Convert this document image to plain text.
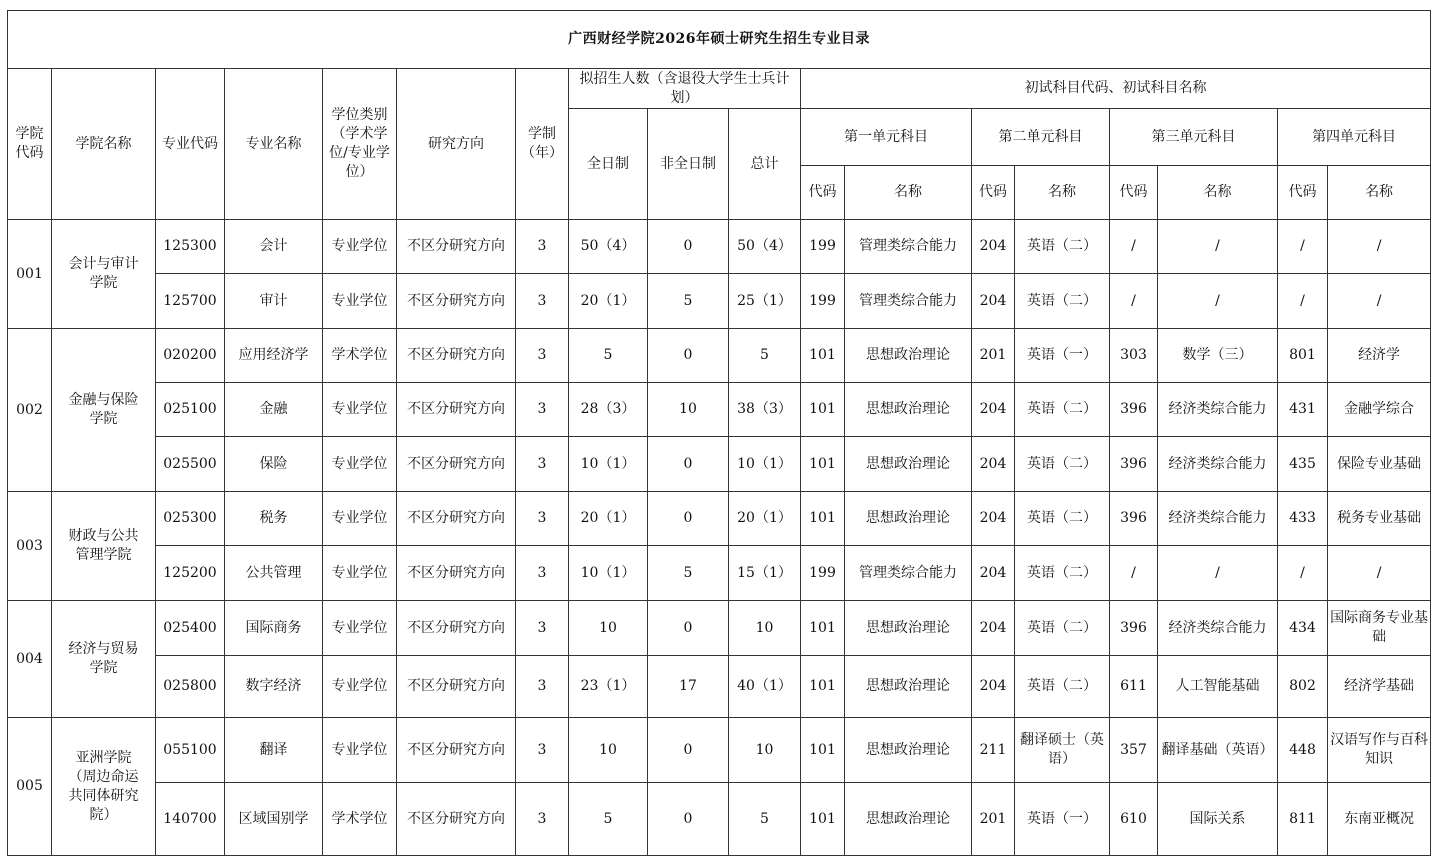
广西财经学院2026年硕士研究生招生专业目录																	
学院代码	学院名称	专业代码	专业名称	学位类别（学术学位/专业学位）	研究方向	学制（年）	拟招生人数（含退役大学生士兵计划）			初试科目代码、初试科目名称							
							全日制	非全日制	总计	第一单元科目		第二单元科目		第三单元科目		第四单元科目	
										代码	名称	代码	名称	代码	名称	代码	名称
001	会计与审计学院	125300	会计	专业学位	不区分研究方向	3	50（4）	0	50（4）	199	管理类综合能力	204	英语（二）	/	/	/	/
		125700	审计	专业学位	不区分研究方向	3	20（1）	5	25（1）	199	管理类综合能力	204	英语（二）	/	/	/	/
002	金融与保险学院	020200	应用经济学	学术学位	不区分研究方向	3	5	0	5	101	思想政治理论	201	英语（一）	303	数学（三）	801	经济学
		025100	金融	专业学位	不区分研究方向	3	28（3）	10	38（3）	101	思想政治理论	204	英语（二）	396	经济类综合能力	431	金融学综合
		025500	保险	专业学位	不区分研究方向	3	10（1）	0	10（1）	101	思想政治理论	204	英语（二）	396	经济类综合能力	435	保险专业基础
003	财政与公共管理学院	025300	税务	专业学位	不区分研究方向	3	20（1）	0	20（1）	101	思想政治理论	204	英语（二）	396	经济类综合能力	433	税务专业基础
		125200	公共管理	专业学位	不区分研究方向	3	10（1）	5	15（1）	199	管理类综合能力	204	英语（二）	/	/	/	/
004	经济与贸易学院	025400	国际商务	专业学位	不区分研究方向	3	10	0	10	101	思想政治理论	204	英语（二）	396	经济类综合能力	434	国际商务专业基础
		025800	数字经济	专业学位	不区分研究方向	3	23（1）	17	40（1）	101	思想政治理论	204	英语（二）	611	人工智能基础	802	经济学基础
005	亚洲学院（周边命运共同体研究院）	055100	翻译	专业学位	不区分研究方向	3	10	0	10	101	思想政治理论	211	翻译硕士（英语）	357	翻译基础（英语）	448	汉语写作与百科知识
		140700	区域国别学	学术学位	不区分研究方向	3	5	0	5	101	思想政治理论	201	英语（一）	610	国际关系	811	东南亚概况
